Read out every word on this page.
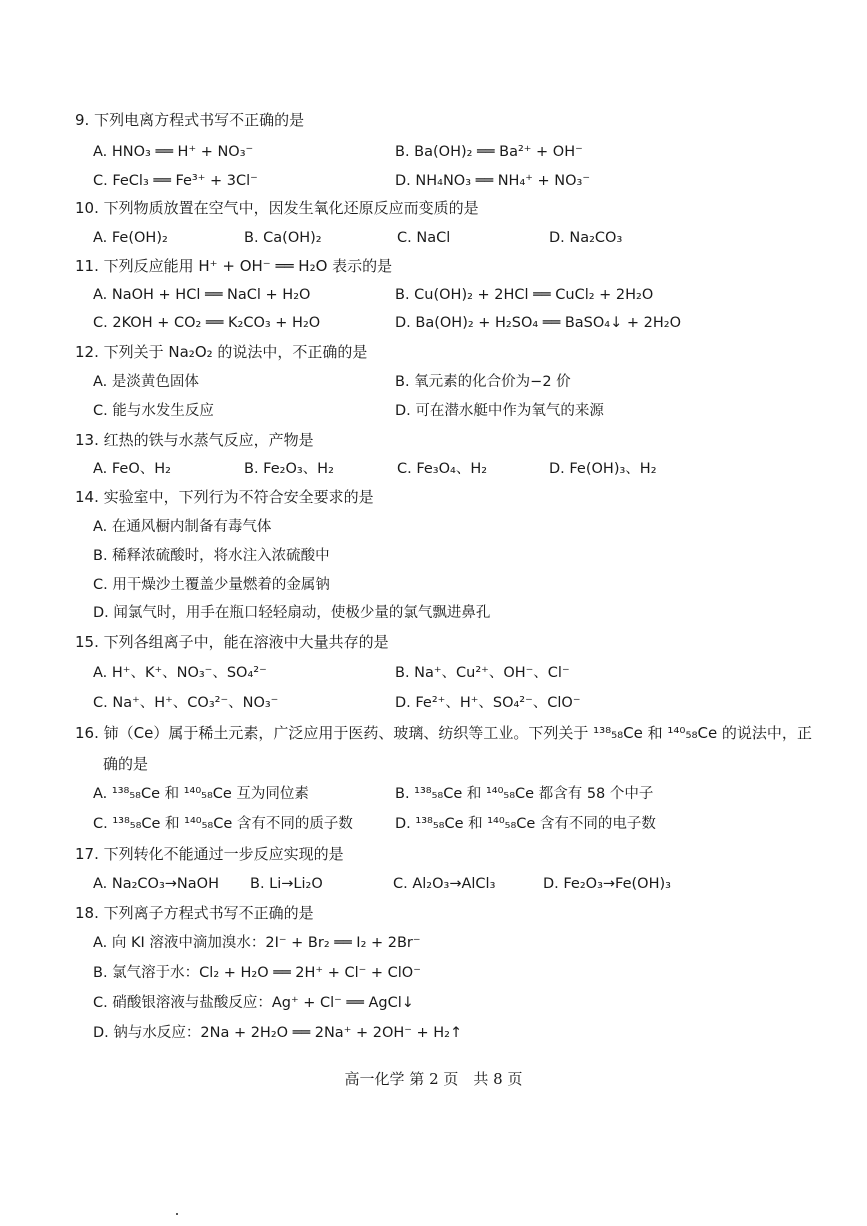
9. 下列电离方程式书写不正确的是
A. HNO₃ ══ H⁺ + NO₃⁻	B. Ba(OH)₂ ══ Ba²⁺ + OH⁻
C. FeCl₃ ══ Fe³⁺ + 3Cl⁻	D. NH₄NO₃ ══ NH₄⁺ + NO₃⁻
10. 下列物质放置在空气中，因发生氧化还原反应而变质的是
A. Fe(OH)₂	B. Ca(OH)₂	C. NaCl	D. Na₂CO₃
11. 下列反应能用 H⁺ + OH⁻ ══ H₂O 表示的是
A. NaOH + HCl ══ NaCl + H₂O	B. Cu(OH)₂ + 2HCl ══ CuCl₂ + 2H₂O
C. 2KOH + CO₂ ══ K₂CO₃ + H₂O	D. Ba(OH)₂ + H₂SO₄ ══ BaSO₄↓ + 2H₂O
12. 下列关于 Na₂O₂ 的说法中，不正确的是
A. 是淡黄色固体	B. 氧元素的化合价为−2 价
C. 能与水发生反应	D. 可在潜水艇中作为氧气的来源
13. 红热的铁与水蒸气反应，产物是
A. FeO、H₂	B. Fe₂O₃、H₂	C. Fe₃O₄、H₂	D. Fe(OH)₃、H₂
14. 实验室中，下列行为不符合安全要求的是
A. 在通风橱内制备有毒气体
B. 稀释浓硫酸时，将水注入浓硫酸中
C. 用干燥沙土覆盖少量燃着的金属钠
D. 闻氯气时，用手在瓶口轻轻扇动，使极少量的氯气飘进鼻孔
15. 下列各组离子中，能在溶液中大量共存的是
A. H⁺、K⁺、NO₃⁻、SO₄²⁻	B. Na⁺、Cu²⁺、OH⁻、Cl⁻
C. Na⁺、H⁺、CO₃²⁻、NO₃⁻	D. Fe²⁺、H⁺、SO₄²⁻、ClO⁻
16. 铈（Ce）属于稀土元素，广泛应用于医药、玻璃、纺织等工业。下列关于 ¹³⁸₅₈Ce 和 ¹⁴⁰₅₈Ce 的说法中，正
确的是
A. ¹³⁸₅₈Ce 和 ¹⁴⁰₅₈Ce 互为同位素	B. ¹³⁸₅₈Ce 和 ¹⁴⁰₅₈Ce 都含有 58 个中子
C. ¹³⁸₅₈Ce 和 ¹⁴⁰₅₈Ce 含有不同的质子数	D. ¹³⁸₅₈Ce 和 ¹⁴⁰₅₈Ce 含有不同的电子数
17. 下列转化不能通过一步反应实现的是
A. Na₂CO₃→NaOH B. Li→Li₂O	C. Al₂O₃→AlCl₃	D. Fe₂O₃→Fe(OH)₃
18. 下列离子方程式书写不正确的是
A. 向 KI 溶液中滴加溴水：2I⁻ + Br₂ ══ I₂ + 2Br⁻
B. 氯气溶于水：Cl₂ + H₂O ══ 2H⁺ + Cl⁻ + ClO⁻
C. 硝酸银溶液与盐酸反应：Ag⁺ + Cl⁻ ══ AgCl↓
D. 钠与水反应：2Na + 2H₂O ══ 2Na⁺ + 2OH⁻ + H₂↑
高一化学 第 2 页　共 8 页
